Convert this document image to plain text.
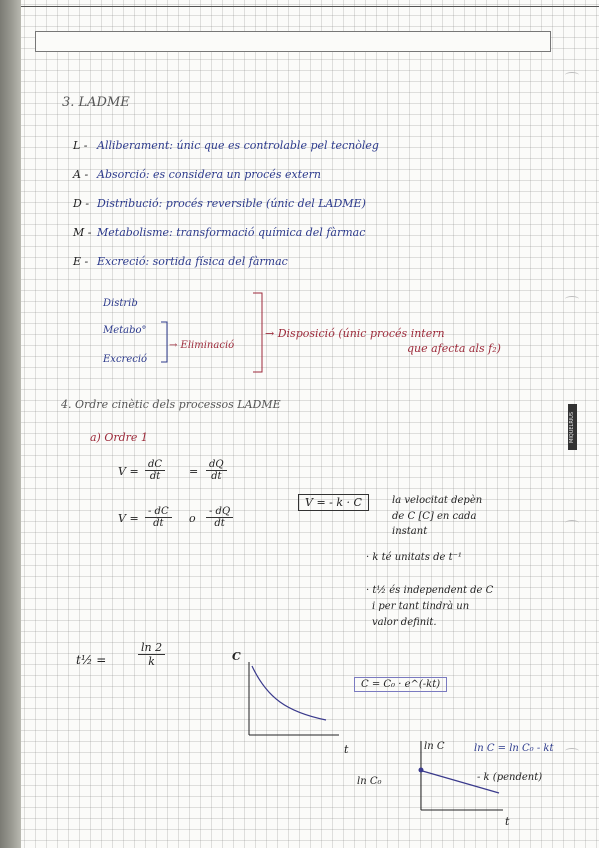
MIQUELRIUS
3. LADME
L - Alliberament: únic que es controlable pel tecnòleg
A - Absorció: es considera un procés extern
D - Distribució: procés reversible (únic del LADME)
M - Metabolisme: transformació química del fàrmac
E - Excreció: sortida física del fàrmac
Distrib
Metabo°
Excreció
→ Eliminació
→ Disposició (únic procés intern
que afecta als f₂)
4. Ordre cinètic dels processos LADME
a) Ordre 1
$V = \frac{dC}{dt} = \frac{dQ}{dt}$
$V = \frac{- dC}{dt}$ o $\frac{- dQ}{dt}$
V = - k · C	la velocitat depèn
de C [C] en cada
instant
· k té unitats de t⁻¹
· t½ és independent de C
i per tant tindrà un
valor definit.
t½ =	$\frac{\ln 2}{k}$	C
t
C = C₀ · e^(-kt)
ln C
t
ln C₀
ln C = ln C₀ - kt
- k (pendent)
